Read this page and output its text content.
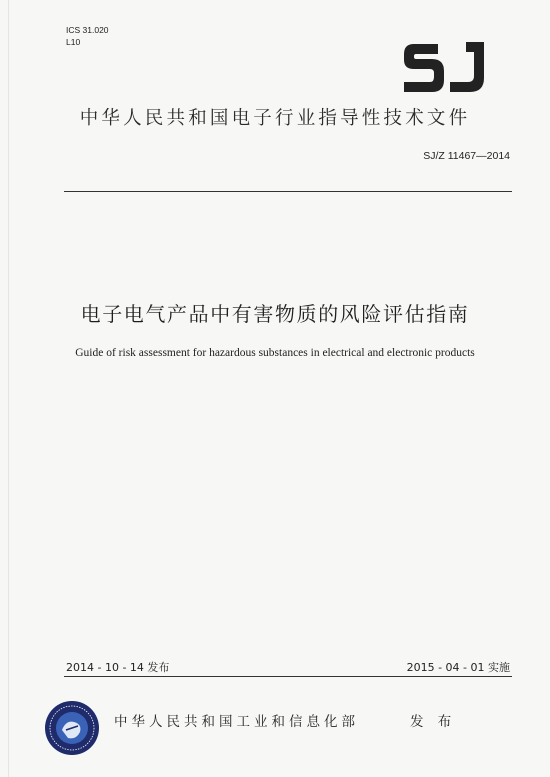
ICS 31.020
L10	SJ
中华人民共和国电子行业指导性技术文件
SJ/Z 11467—2014
电子电气产品中有害物质的风险评估指南
Guide of risk assessment for hazardous substances in electrical and electronic products
2014 - 10 - 14 发布	2015 - 04 - 01 实施
中华人民共和国工业和信息化部	发 布
